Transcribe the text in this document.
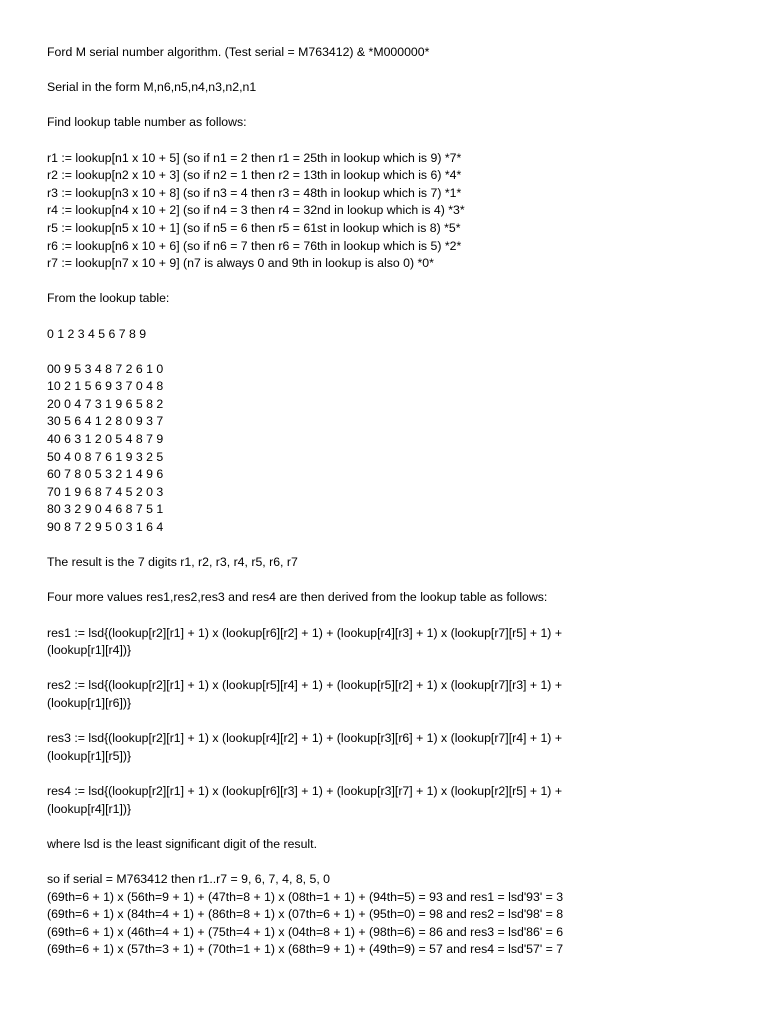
Ford M serial number algorithm. (Test serial = M763412) & *M000000*
Serial in the form M,n6,n5,n4,n3,n2,n1
Find lookup table number as follows:
r1 := lookup[n1 x 10 + 5] (so if n1 = 2 then r1 = 25th in lookup which is 9) *7*
r2 := lookup[n2 x 10 + 3] (so if n2 = 1 then r2 = 13th in lookup which is 6) *4*
r3 := lookup[n3 x 10 + 8] (so if n3 = 4 then r3 = 48th in lookup which is 7) *1*
r4 := lookup[n4 x 10 + 2] (so if n4 = 3 then r4 = 32nd in lookup which is 4) *3*
r5 := lookup[n5 x 10 + 1] (so if n5 = 6 then r5 = 61st in lookup which is 8) *5*
r6 := lookup[n6 x 10 + 6] (so if n6 = 7 then r6 = 76th in lookup which is 5) *2*
r7 := lookup[n7 x 10 + 9] (n7 is always 0 and 9th in lookup is also 0) *0*
From the lookup table:
0 1 2 3 4 5 6 7 8 9
00 9 5 3 4 8 7 2 6 1 0
10 2 1 5 6 9 3 7 0 4 8
20 0 4 7 3 1 9 6 5 8 2
30 5 6 4 1 2 8 0 9 3 7
40 6 3 1 2 0 5 4 8 7 9
50 4 0 8 7 6 1 9 3 2 5
60 7 8 0 5 3 2 1 4 9 6
70 1 9 6 8 7 4 5 2 0 3
80 3 2 9 0 4 6 8 7 5 1
90 8 7 2 9 5 0 3 1 6 4
The result is the 7 digits r1, r2, r3, r4, r5, r6, r7
Four more values res1,res2,res3 and res4 are then derived from the lookup table as follows:
res1 := lsd{(lookup[r2][r1] + 1) x (lookup[r6][r2] + 1) + (lookup[r4][r3] + 1) x (lookup[r7][r5] + 1) +
(lookup[r1][r4])}
res2 := lsd{(lookup[r2][r1] + 1) x (lookup[r5][r4] + 1) + (lookup[r5][r2] + 1) x (lookup[r7][r3] + 1) +
(lookup[r1][r6])}
res3 := lsd{(lookup[r2][r1] + 1) x (lookup[r4][r2] + 1) + (lookup[r3][r6] + 1) x (lookup[r7][r4] + 1) +
(lookup[r1][r5])}
res4 := lsd{(lookup[r2][r1] + 1) x (lookup[r6][r3] + 1) + (lookup[r3][r7] + 1) x (lookup[r2][r5] + 1) +
(lookup[r4][r1])}
where lsd is the least significant digit of the result.
so if serial = M763412 then r1..r7 = 9, 6, 7, 4, 8, 5, 0
(69th=6 + 1) x (56th=9 + 1) + (47th=8 + 1) x (08th=1 + 1) + (94th=5) = 93 and res1 = lsd'93' = 3
(69th=6 + 1) x (84th=4 + 1) + (86th=8 + 1) x (07th=6 + 1) + (95th=0) = 98 and res2 = lsd'98' = 8
(69th=6 + 1) x (46th=4 + 1) + (75th=4 + 1) x (04th=8 + 1) + (98th=6) = 86 and res3 = lsd'86' = 6
(69th=6 + 1) x (57th=3 + 1) + (70th=1 + 1) x (68th=9 + 1) + (49th=9) = 57 and res4 = lsd'57' = 7
